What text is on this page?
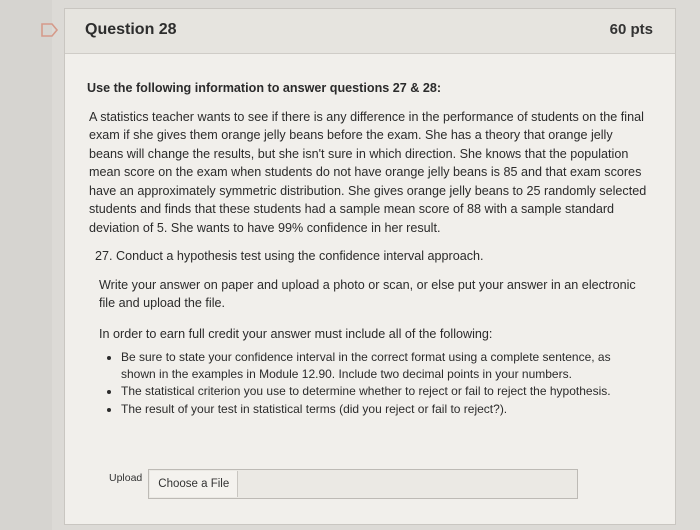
Question 28	60 pts
Use the following information to answer questions 27 & 28:
A statistics teacher wants to see if there is any difference in the performance of students on the final exam if she gives them orange jelly beans before the exam. She has a theory that orange jelly beans will change the results, but she isn't sure in which direction. She knows that the population mean score on the exam when students do not have orange jelly beans is 85 and that exam scores have an approximately symmetric distribution. She gives orange jelly beans to 25 randomly selected students and finds that these students had a sample mean score of 88 with a sample standard deviation of 5. She wants to have 99% confidence in her result.
27. Conduct a hypothesis test using the confidence interval approach.
Write your answer on paper and upload a photo or scan, or else put your answer in an electronic file and upload the file.
In order to earn full credit your answer must include all of the following:
• Be sure to state your confidence interval in the correct format using a complete sentence, as shown in the examples in Module 12.90. Include two decimal points in your numbers.
• The statistical criterion you use to determine whether to reject or fail to reject the hypothesis.
• The result of your test in statistical terms (did you reject or fail to reject?).
Upload	Choose a File
